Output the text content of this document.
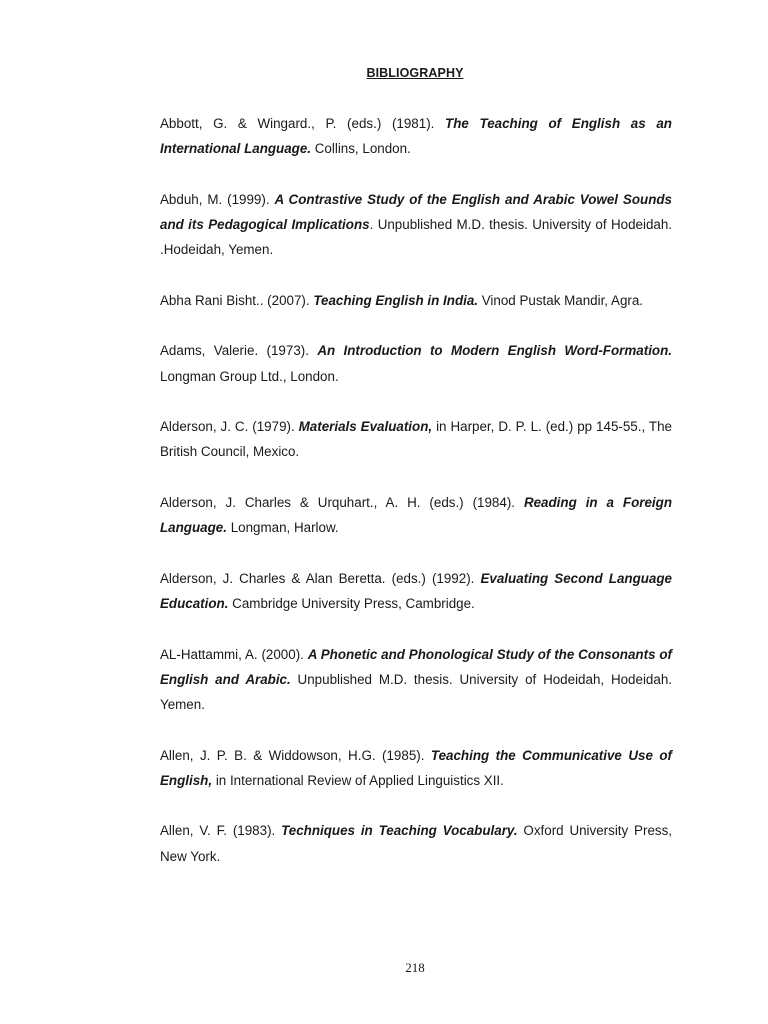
BIBLIOGRAPHY

Abbott, G. & Wingard., P. (eds.) (1981). The Teaching of English as an International Language. Collins, London.

Abduh, M. (1999). A Contrastive Study of the English and Arabic Vowel Sounds and its Pedagogical Implications. Unpublished M.D. thesis. University of Hodeidah. .Hodeidah, Yemen.

Abha Rani Bisht.. (2007). Teaching English in India. Vinod Pustak Mandir, Agra.

Adams, Valerie. (1973). An Introduction to Modern English Word-Formation. Longman Group Ltd., London.

Alderson, J. C. (1979). Materials Evaluation, in Harper, D. P. L. (ed.) pp 145-55., The British Council, Mexico.

Alderson, J. Charles & Urquhart., A. H. (eds.) (1984). Reading in a Foreign Language. Longman, Harlow.

Alderson, J. Charles & Alan Beretta. (eds.) (1992). Evaluating Second Language Education. Cambridge University Press, Cambridge.

AL-Hattammi, A. (2000). A Phonetic and Phonological Study of the Consonants of English and Arabic. Unpublished M.D. thesis. University of Hodeidah, Hodeidah. Yemen.

Allen, J. P. B. & Widdowson, H.G. (1985). Teaching the Communicative Use of English, in International Review of Applied Linguistics XII.

Allen, V. F. (1983). Techniques in Teaching Vocabulary. Oxford University Press, New York.

218
